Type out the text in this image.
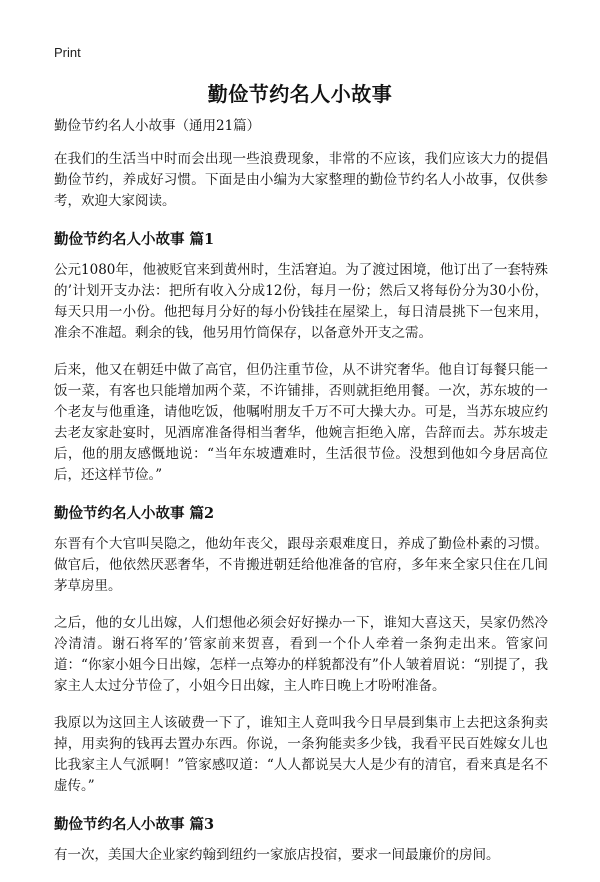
Print
勤俭节约名人小故事
勤俭节约名人小故事（通用21篇）

在我们的生活当中时而会出现一些浪费现象，非常的不应该，我们应该大力的提倡勤俭节约，养成好习惯。下面是由小编为大家整理的勤俭节约名人小故事，仅供参考，欢迎大家阅读。

勤俭节约名人小故事 篇1

公元1080年，他被贬官来到黄州时，生活窘迫。为了渡过困境，他订出了一套特殊的’计划开支办法：把所有收入分成12份，每月一份；然后又将每份分为30小份，每天只用一小份。他把每月分好的每小份钱挂在屋梁上，每日清晨挑下一包来用，准余不准超。剩余的钱，他另用竹筒保存，以备意外开支之需。

后来，他又在朝廷中做了高官，但仍注重节俭，从不讲究奢华。他自订每餐只能一饭一菜，有客也只能增加两个菜，不许铺排，否则就拒绝用餐。一次，苏东坡的一个老友与他重逢，请他吃饭，他嘱咐朋友千万不可大操大办。可是，当苏东坡应约去老友家赴宴时，见酒席准备得相当奢华，他婉言拒绝入席，告辞而去。苏东坡走后，他的朋友感慨地说：“当年东坡遭难时，生活很节俭。没想到他如今身居高位后，还这样节俭。”

勤俭节约名人小故事 篇2

东晋有个大官叫吴隐之，他幼年丧父，跟母亲艰难度日，养成了勤俭朴素的习惯。做官后，他依然厌恶奢华，不肯搬进朝廷给他准备的官府，多年来全家只住在几间茅草房里。

之后，他的女儿出嫁，人们想他必须会好好操办一下，谁知大喜这天，吴家仍然冷冷清清。谢石将军的’管家前来贺喜，看到一个仆人牵着一条狗走出来。管家问道：“你家小姐今日出嫁，怎样一点筹办的样貌都没有”仆人皱着眉说：“别提了，我家主人太过分节俭了，小姐今日出嫁，主人昨日晚上才吩咐准备。

我原以为这回主人该破费一下了，谁知主人竟叫我今日早晨到集市上去把这条狗卖掉，用卖狗的钱再去置办东西。你说，一条狗能卖多少钱，我看平民百姓嫁女儿也比我家主人气派啊！”管家感叹道：“人人都说吴大人是少有的清官，看来真是名不虚传。”

勤俭节约名人小故事 篇3

有一次，美国大企业家约翰到纽约一家旅店投宿，要求一间最廉价的房间。
